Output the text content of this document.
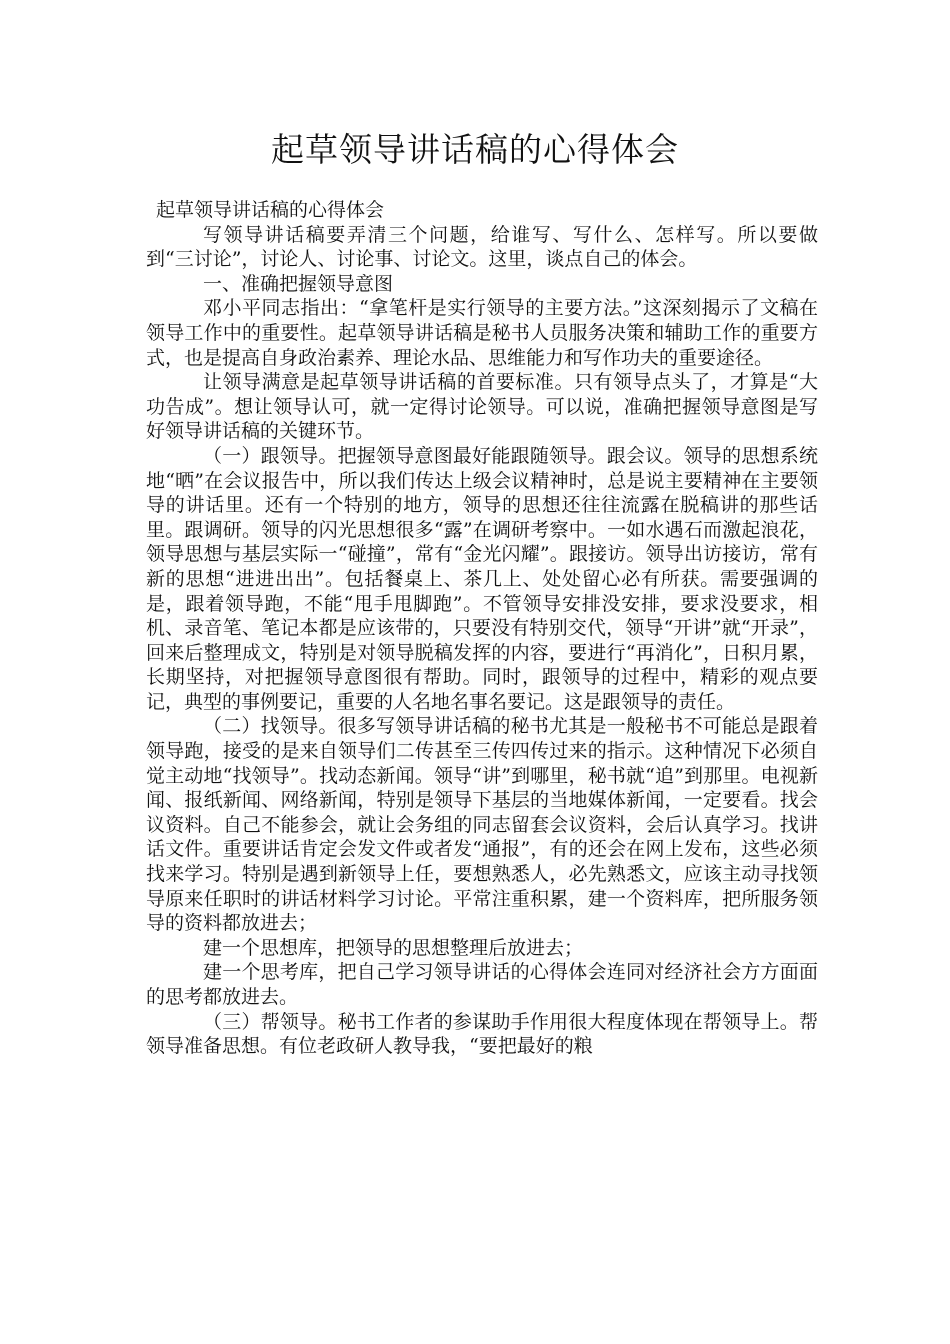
起草领导讲话稿的心得体会

起草领导讲话稿的心得体会

写领导讲话稿要弄清三个问题，给谁写、写什么、怎样写。所以要做到“三讨论”，讨论人、讨论事、讨论文。这里，谈点自己的体会。

一、准确把握领导意图

邓小平同志指出：“拿笔杆是实行领导的主要方法。”这深刻揭示了文稿在领导工作中的重要性。起草领导讲话稿是秘书人员服务决策和辅助工作的重要方式，也是提高自身政治素养、理论水品、思维能力和写作功夫的重要途径。

让领导满意是起草领导讲话稿的首要标准。只有领导点头了，才算是“大功告成”。想让领导认可，就一定得讨论领导。可以说，准确把握领导意图是写好领导讲话稿的关键环节。

（一）跟领导。把握领导意图最好能跟随领导。跟会议。领导的思想系统地“晒”在会议报告中，所以我们传达上级会议精神时，总是说主要精神在主要领导的讲话里。还有一个特别的地方，领导的思想还往往流露在脱稿讲的那些话里。跟调研。领导的闪光思想很多“露”在调研考察中。一如水遇石而激起浪花，领导思想与基层实际一“碰撞”，常有“金光闪耀”。跟接访。领导出访接访，常有新的思想“进进出出”。包括餐桌上、茶几上、处处留心必有所获。需要强调的是，跟着领导跑，不能“甩手甩脚跑”。不管领导安排没安排，要求没要求，相机、录音笔、笔记本都是应该带的，只要没有特别交代，领导“开讲”就“开录”，回来后整理成文，特别是对领导脱稿发挥的内容，要进行“再消化”，日积月累，长期坚持，对把握领导意图很有帮助。同时，跟领导的过程中，精彩的观点要记，典型的事例要记，重要的人名地名事名要记。这是跟领导的责任。

（二）找领导。很多写领导讲话稿的秘书尤其是一般秘书不可能总是跟着领导跑，接受的是来自领导们二传甚至三传四传过来的指示。这种情况下必须自觉主动地“找领导”。找动态新闻。领导“讲”到哪里，秘书就“追”到那里。电视新闻、报纸新闻、网络新闻，特别是领导下基层的当地媒体新闻，一定要看。找会议资料。自己不能参会，就让会务组的同志留套会议资料，会后认真学习。找讲话文件。重要讲话肯定会发文件或者发“通报”，有的还会在网上发布，这些必须找来学习。特别是遇到新领导上任，要想熟悉人，必先熟悉文，应该主动寻找领导原来任职时的讲话材料学习讨论。平常注重积累，建一个资料库，把所服务领导的资料都放进去；

建一个思想库，把领导的思想整理后放进去；

建一个思考库，把自己学习领导讲话的心得体会连同对经济社会方方面面的思考都放进去。

（三）帮领导。秘书工作者的参谋助手作用很大程度体现在帮领导上。帮领导准备思想。有位老政研人教导我，“要把最好的粮
